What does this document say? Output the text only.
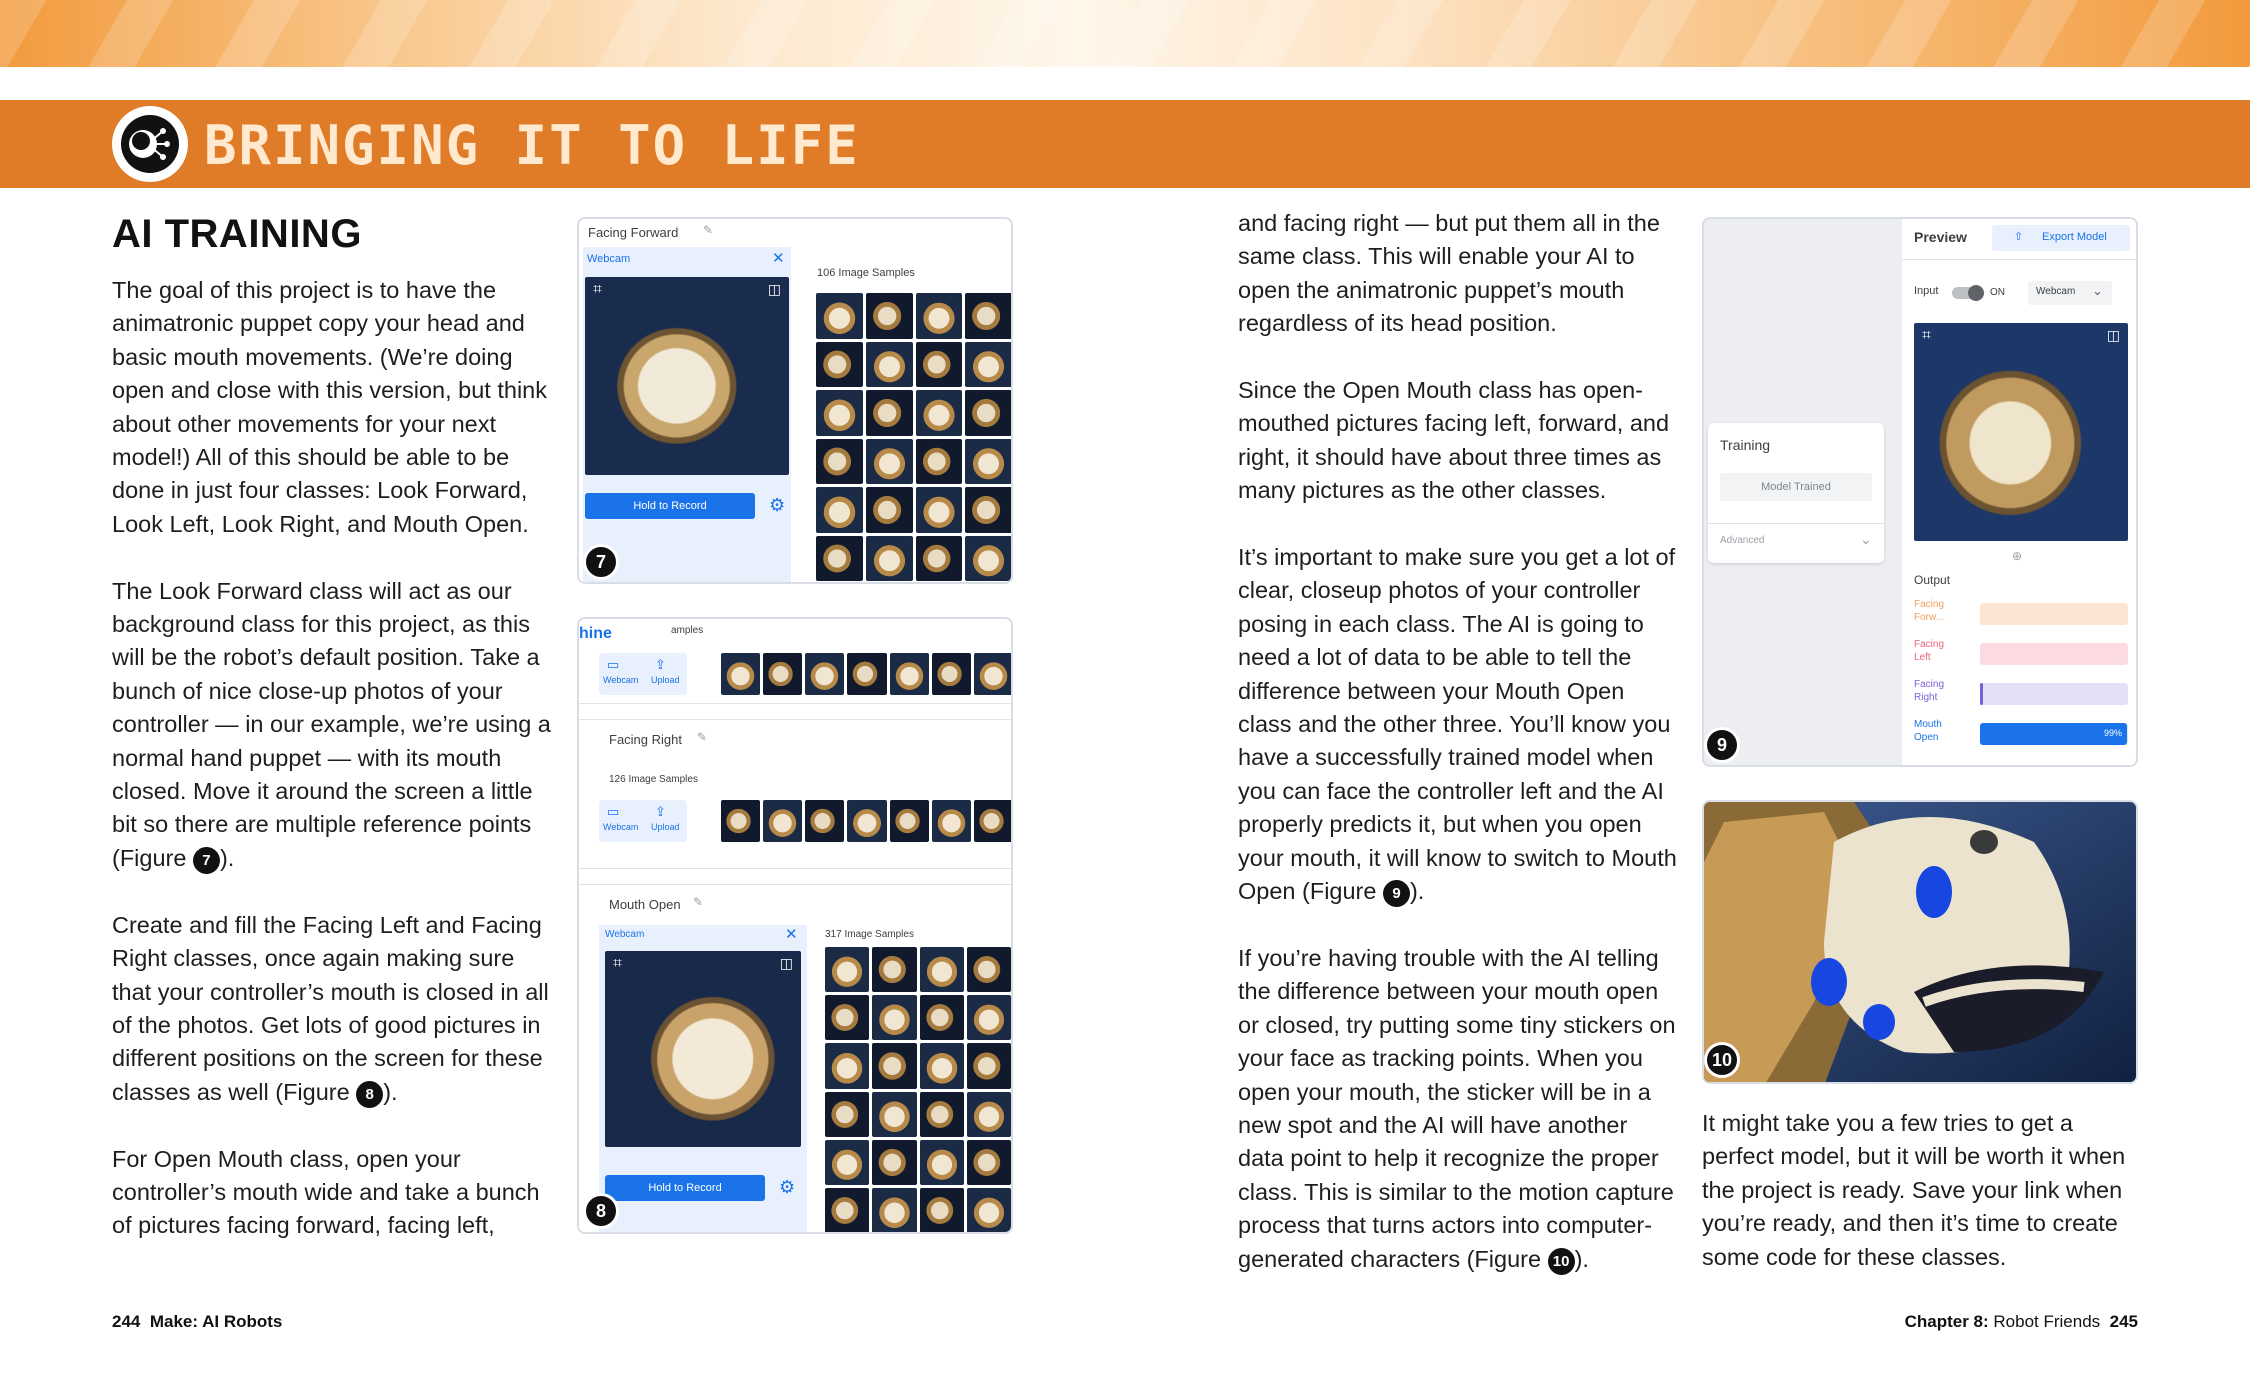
BRINGING IT TO LIFE
AI TRAINING

The goal of this project is to have the animatronic puppet copy your head and basic mouth movements. (We’re doing open and close with this version, but think about other movements for your next model!) All of this should be able to be done in just four classes: Look Forward, Look Left, Look Right, and Mouth Open.

The Look Forward class will act as our background class for this project, as this will be the robot’s default position. Take a bunch of nice close-up photos of your controller — in our example, we’re using a normal hand puppet — with its mouth closed. Move it around the screen a little bit so there are multiple reference points (Figure 7 ).

Create and fill the Facing Left and Facing Right classes, once again making sure that your controller’s mouth is closed in all of the photos. Get lots of good pictures in different positions on the screen for these classes as well (Figure 8 ).

For Open Mouth class, open your controller’s mouth wide and take a bunch of pictures facing forward, facing left,

Facing Forward ✎
Webcam	✕
⌗	◫
Hold to Record	⚙
106 Image Samples
7
hine	amples
▭
Webcam
⇪
Upload
Facing Right ✎
126 Image Samples
▭
Webcam
⇪
Upload
Mouth Open ✎
Webcam	✕
⌗	◫
Hold to Record	⚙
317 Image Samples
8

and facing right — but put them all in the same class. This will enable your AI to open the animatronic puppet’s mouth regardless of its head position.

Since the Open Mouth class has open-mouthed pictures facing left, forward, and right, it should have about three times as many pictures as the other classes.

It’s important to make sure you get a lot of clear, closeup photos of your controller posing in each class. The AI is going to need a lot of data to be able to tell the difference between your Mouth Open class and the other three. You’ll know you have a successfully trained model when you can face the controller left and the AI properly predicts it, but when you open your mouth, it will know to switch to Mouth Open (Figure 9 ).

If you’re having trouble with the AI telling the difference between your mouth open or closed, try putting some tiny stickers on your face as tracking points. When you open your mouth, the sticker will be in a new spot and the AI will have another data point to help it recognize the proper class. This is similar to the motion capture process that turns actors into computer-generated characters (Figure 10 ).

Training
Model Trained
Advanced	⌄
Preview	⇧ Export Model
Input	ON	Webcam ⌄
⌗	◫
⊕
Output
Facing
Forw...
Facing
Left
Facing
Right
Mouth
Open	99%
9
10

It might take you a few tries to get a perfect model, but it will be worth it when the project is ready. Save your link when you’re ready, and then it’s time to create some code for these classes.

244 Make: AI Robots	Chapter 8: Robot Friends 245
